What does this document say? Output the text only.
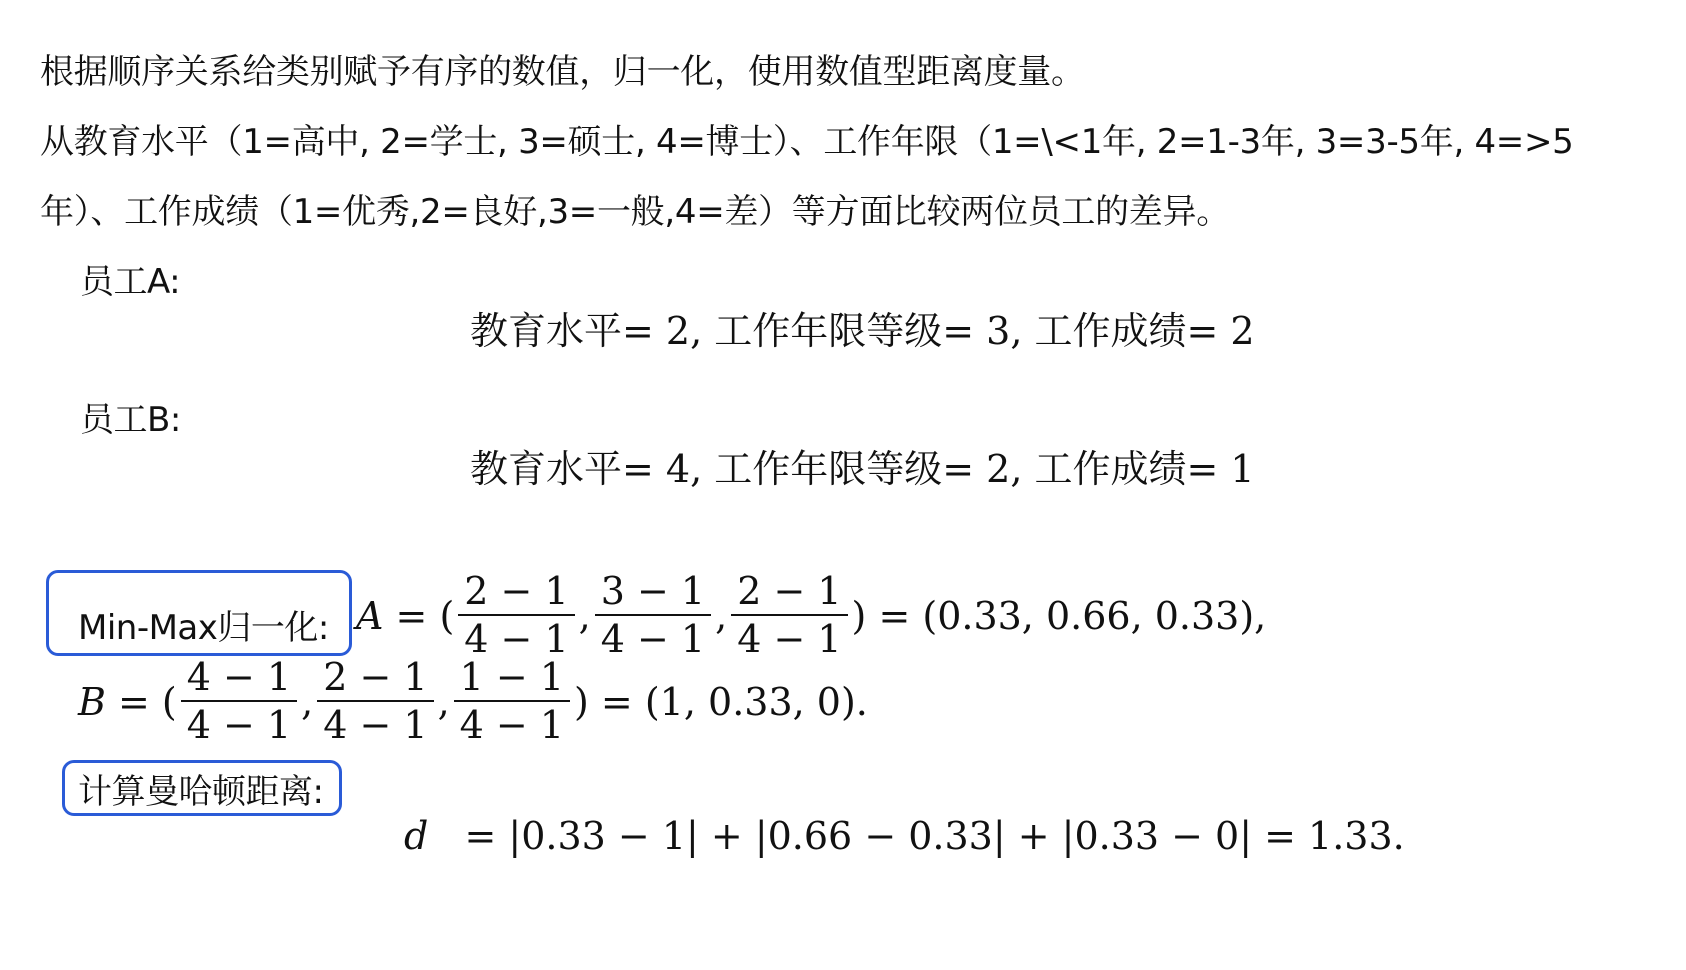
根据顺序关系给类别赋予有序的数值，归一化，使用数值型距离度量。
从教育水平（1=高中, 2=学士, 3=硕士, 4=博士）、工作年限（1=\<1年, 2=1-3年, 3=3-5年, 4=>5
年）、工作成绩（1=优秀,2=良好,3=一般,4=差）等方面比较两位员工的差异。
员工A:
教育水平= 2, 工作年限等级= 3, 工作成绩= 2
员工B:
教育水平= 4, 工作年限等级= 2, 工作成绩= 1
Min-Max归一化: A = ( $\frac{2 - 1}{4 - 1}$ , $\frac{3 - 1}{4 - 1}$ , $\frac{2 - 1}{4 - 1}$ ) = (0.33, 0.66, 0.33),
B = ( $\frac{4 - 1}{4 - 1}$ , $\frac{2 - 1}{4 - 1}$ , $\frac{1 - 1}{4 - 1}$ ) = (1, 0.33, 0).
计算曼哈顿距离:
d = |0.33 − 1| + |0.66 − 0.33| + |0.33 − 0| = 1.33.
